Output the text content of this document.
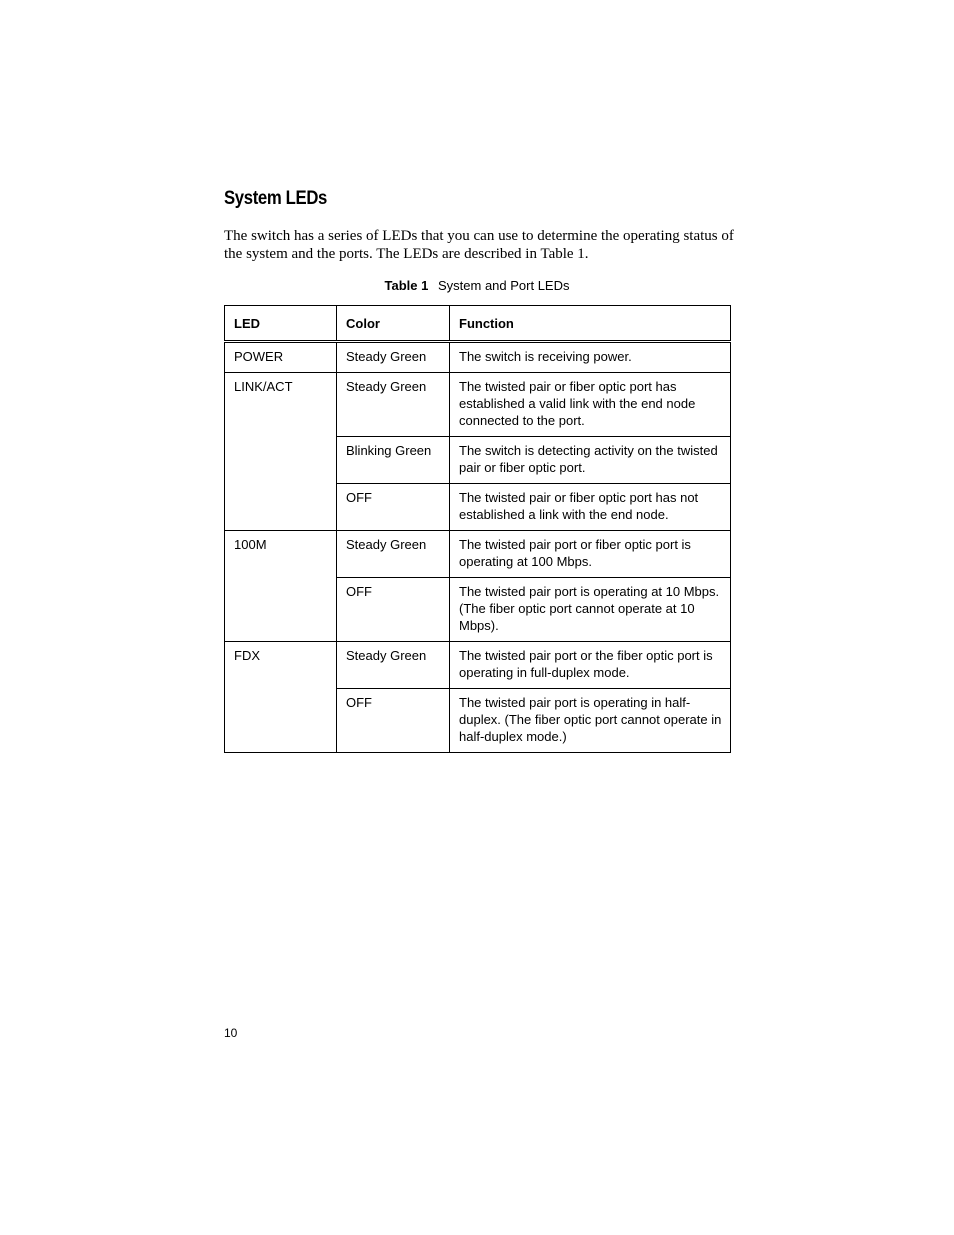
System LEDs

The switch has a series of LEDs that you can use to determine the operating status of the system and the ports. The LEDs are described in Table 1.

Table 1 System and Port LEDs
LED	Color	Function
POWER	Steady Green	The switch is receiving power.
LINK/ACT	Steady Green	The twisted pair or fiber optic port has established a valid link with the end node connected to the port.
	Blinking Green	The switch is detecting activity on the twisted pair or fiber optic port.
	OFF	The twisted pair or fiber optic port has not established a link with the end node.
100M	Steady Green	The twisted pair port or fiber optic port is operating at 100 Mbps.
	OFF	The twisted pair port is operating at 10 Mbps. (The fiber optic port cannot operate at 10 Mbps).
FDX	Steady Green	The twisted pair port or the fiber optic port is operating in full-duplex mode.
	OFF	The twisted pair port is operating in half-duplex. (The fiber optic port cannot operate in half-duplex mode.)
10
